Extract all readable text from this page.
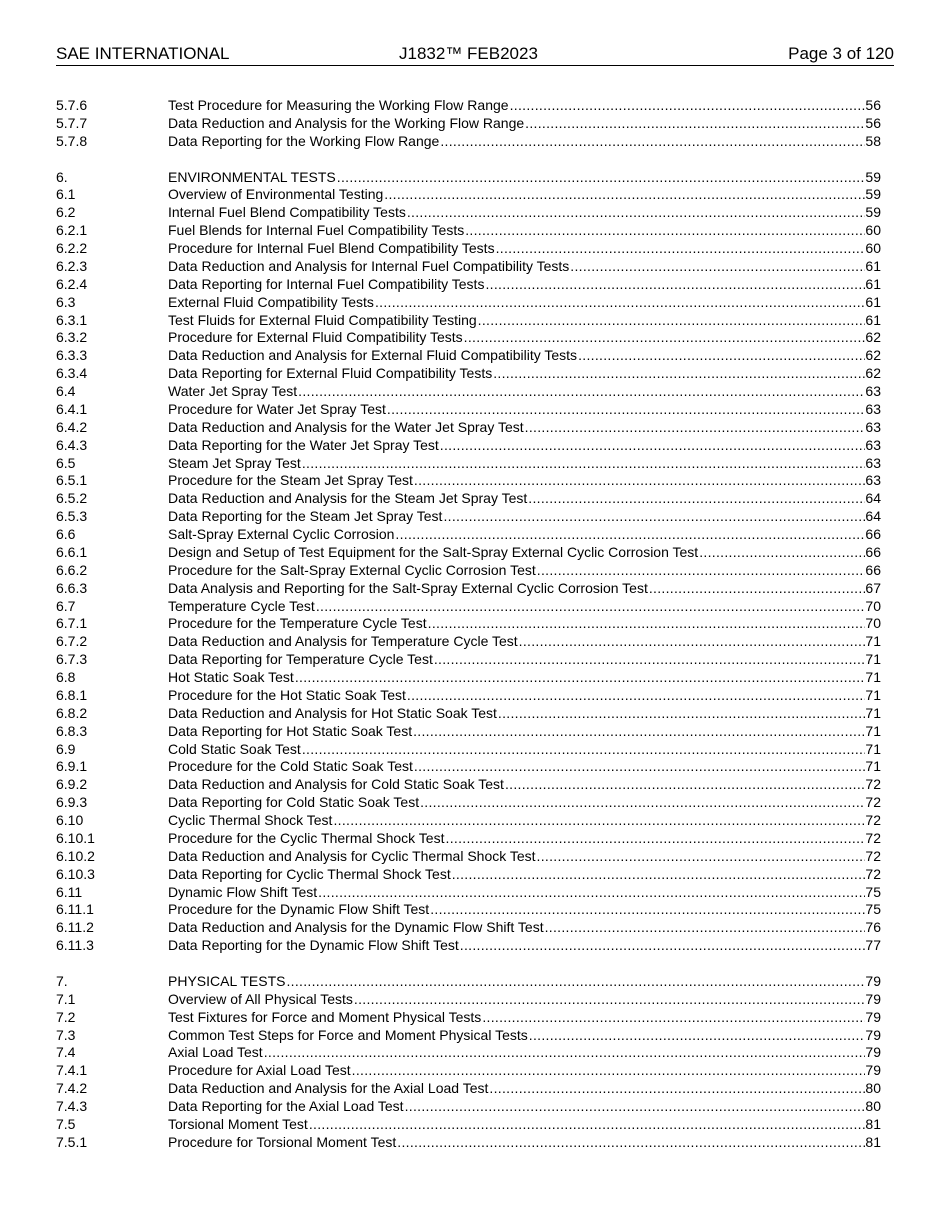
SAE INTERNATIONAL	J1832™ FEB2023	Page 3 of 120
5.7.6	Test Procedure for Measuring the Working Flow Range .....	56
5.7.7	Data Reduction and Analysis for the Working Flow Range .....	56
5.7.8	Data Reporting for the Working Flow Range .....	58
6.	ENVIRONMENTAL TESTS .....	59
6.1	Overview of Environmental Testing .....	59
6.2	Internal Fuel Blend Compatibility Tests .....	59
6.2.1	Fuel Blends for Internal Fuel Compatibility Tests .....	60
6.2.2	Procedure for Internal Fuel Blend Compatibility Tests .....	60
6.2.3	Data Reduction and Analysis for Internal Fuel Compatibility Tests .....	61
6.2.4	Data Reporting for Internal Fuel Compatibility Tests .....	61
6.3	External Fluid Compatibility Tests .....	61
6.3.1	Test Fluids for External Fluid Compatibility Testing .....	61
6.3.2	Procedure for External Fluid Compatibility Tests .....	62
6.3.3	Data Reduction and Analysis for External Fluid Compatibility Tests .....	62
6.3.4	Data Reporting for External Fluid Compatibility Tests .....	62
6.4	Water Jet Spray Test .....	63
6.4.1	Procedure for Water Jet Spray Test .....	63
6.4.2	Data Reduction and Analysis for the Water Jet Spray Test .....	63
6.4.3	Data Reporting for the Water Jet Spray Test .....	63
6.5	Steam Jet Spray Test .....	63
6.5.1	Procedure for the Steam Jet Spray Test .....	63
6.5.2	Data Reduction and Analysis for the Steam Jet Spray Test .....	64
6.5.3	Data Reporting for the Steam Jet Spray Test .....	64
6.6	Salt-Spray External Cyclic Corrosion .....	66
6.6.1	Design and Setup of Test Equipment for the Salt-Spray External Cyclic Corrosion Test .....	66
6.6.2	Procedure for the Salt-Spray External Cyclic Corrosion Test .....	66
6.6.3	Data Analysis and Reporting for the Salt-Spray External Cyclic Corrosion Test .....	67
6.7	Temperature Cycle Test .....	70
6.7.1	Procedure for the Temperature Cycle Test .....	70
6.7.2	Data Reduction and Analysis for Temperature Cycle Test .....	71
6.7.3	Data Reporting for Temperature Cycle Test .....	71
6.8	Hot Static Soak Test .....	71
6.8.1	Procedure for the Hot Static Soak Test .....	71
6.8.2	Data Reduction and Analysis for Hot Static Soak Test .....	71
6.8.3	Data Reporting for Hot Static Soak Test .....	71
6.9	Cold Static Soak Test .....	71
6.9.1	Procedure for the Cold Static Soak Test .....	71
6.9.2	Data Reduction and Analysis for Cold Static Soak Test .....	72
6.9.3	Data Reporting for Cold Static Soak Test .....	72
6.10	Cyclic Thermal Shock Test .....	72
6.10.1	Procedure for the Cyclic Thermal Shock Test .....	72
6.10.2	Data Reduction and Analysis for Cyclic Thermal Shock Test .....	72
6.10.3	Data Reporting for Cyclic Thermal Shock Test .....	72
6.11	Dynamic Flow Shift Test .....	75
6.11.1	Procedure for the Dynamic Flow Shift Test .....	75
6.11.2	Data Reduction and Analysis for the Dynamic Flow Shift Test .....	76
6.11.3	Data Reporting for the Dynamic Flow Shift Test .....	77
7.	PHYSICAL TESTS .....	79
7.1	Overview of All Physical Tests .....	79
7.2	Test Fixtures for Force and Moment Physical Tests .....	79
7.3	Common Test Steps for Force and Moment Physical Tests .....	79
7.4	Axial Load Test .....	79
7.4.1	Procedure for Axial Load Test .....	79
7.4.2	Data Reduction and Analysis for the Axial Load Test .....	80
7.4.3	Data Reporting for the Axial Load Test .....	80
7.5	Torsional Moment Test .....	81
7.5.1	Procedure for Torsional Moment Test .....	81
